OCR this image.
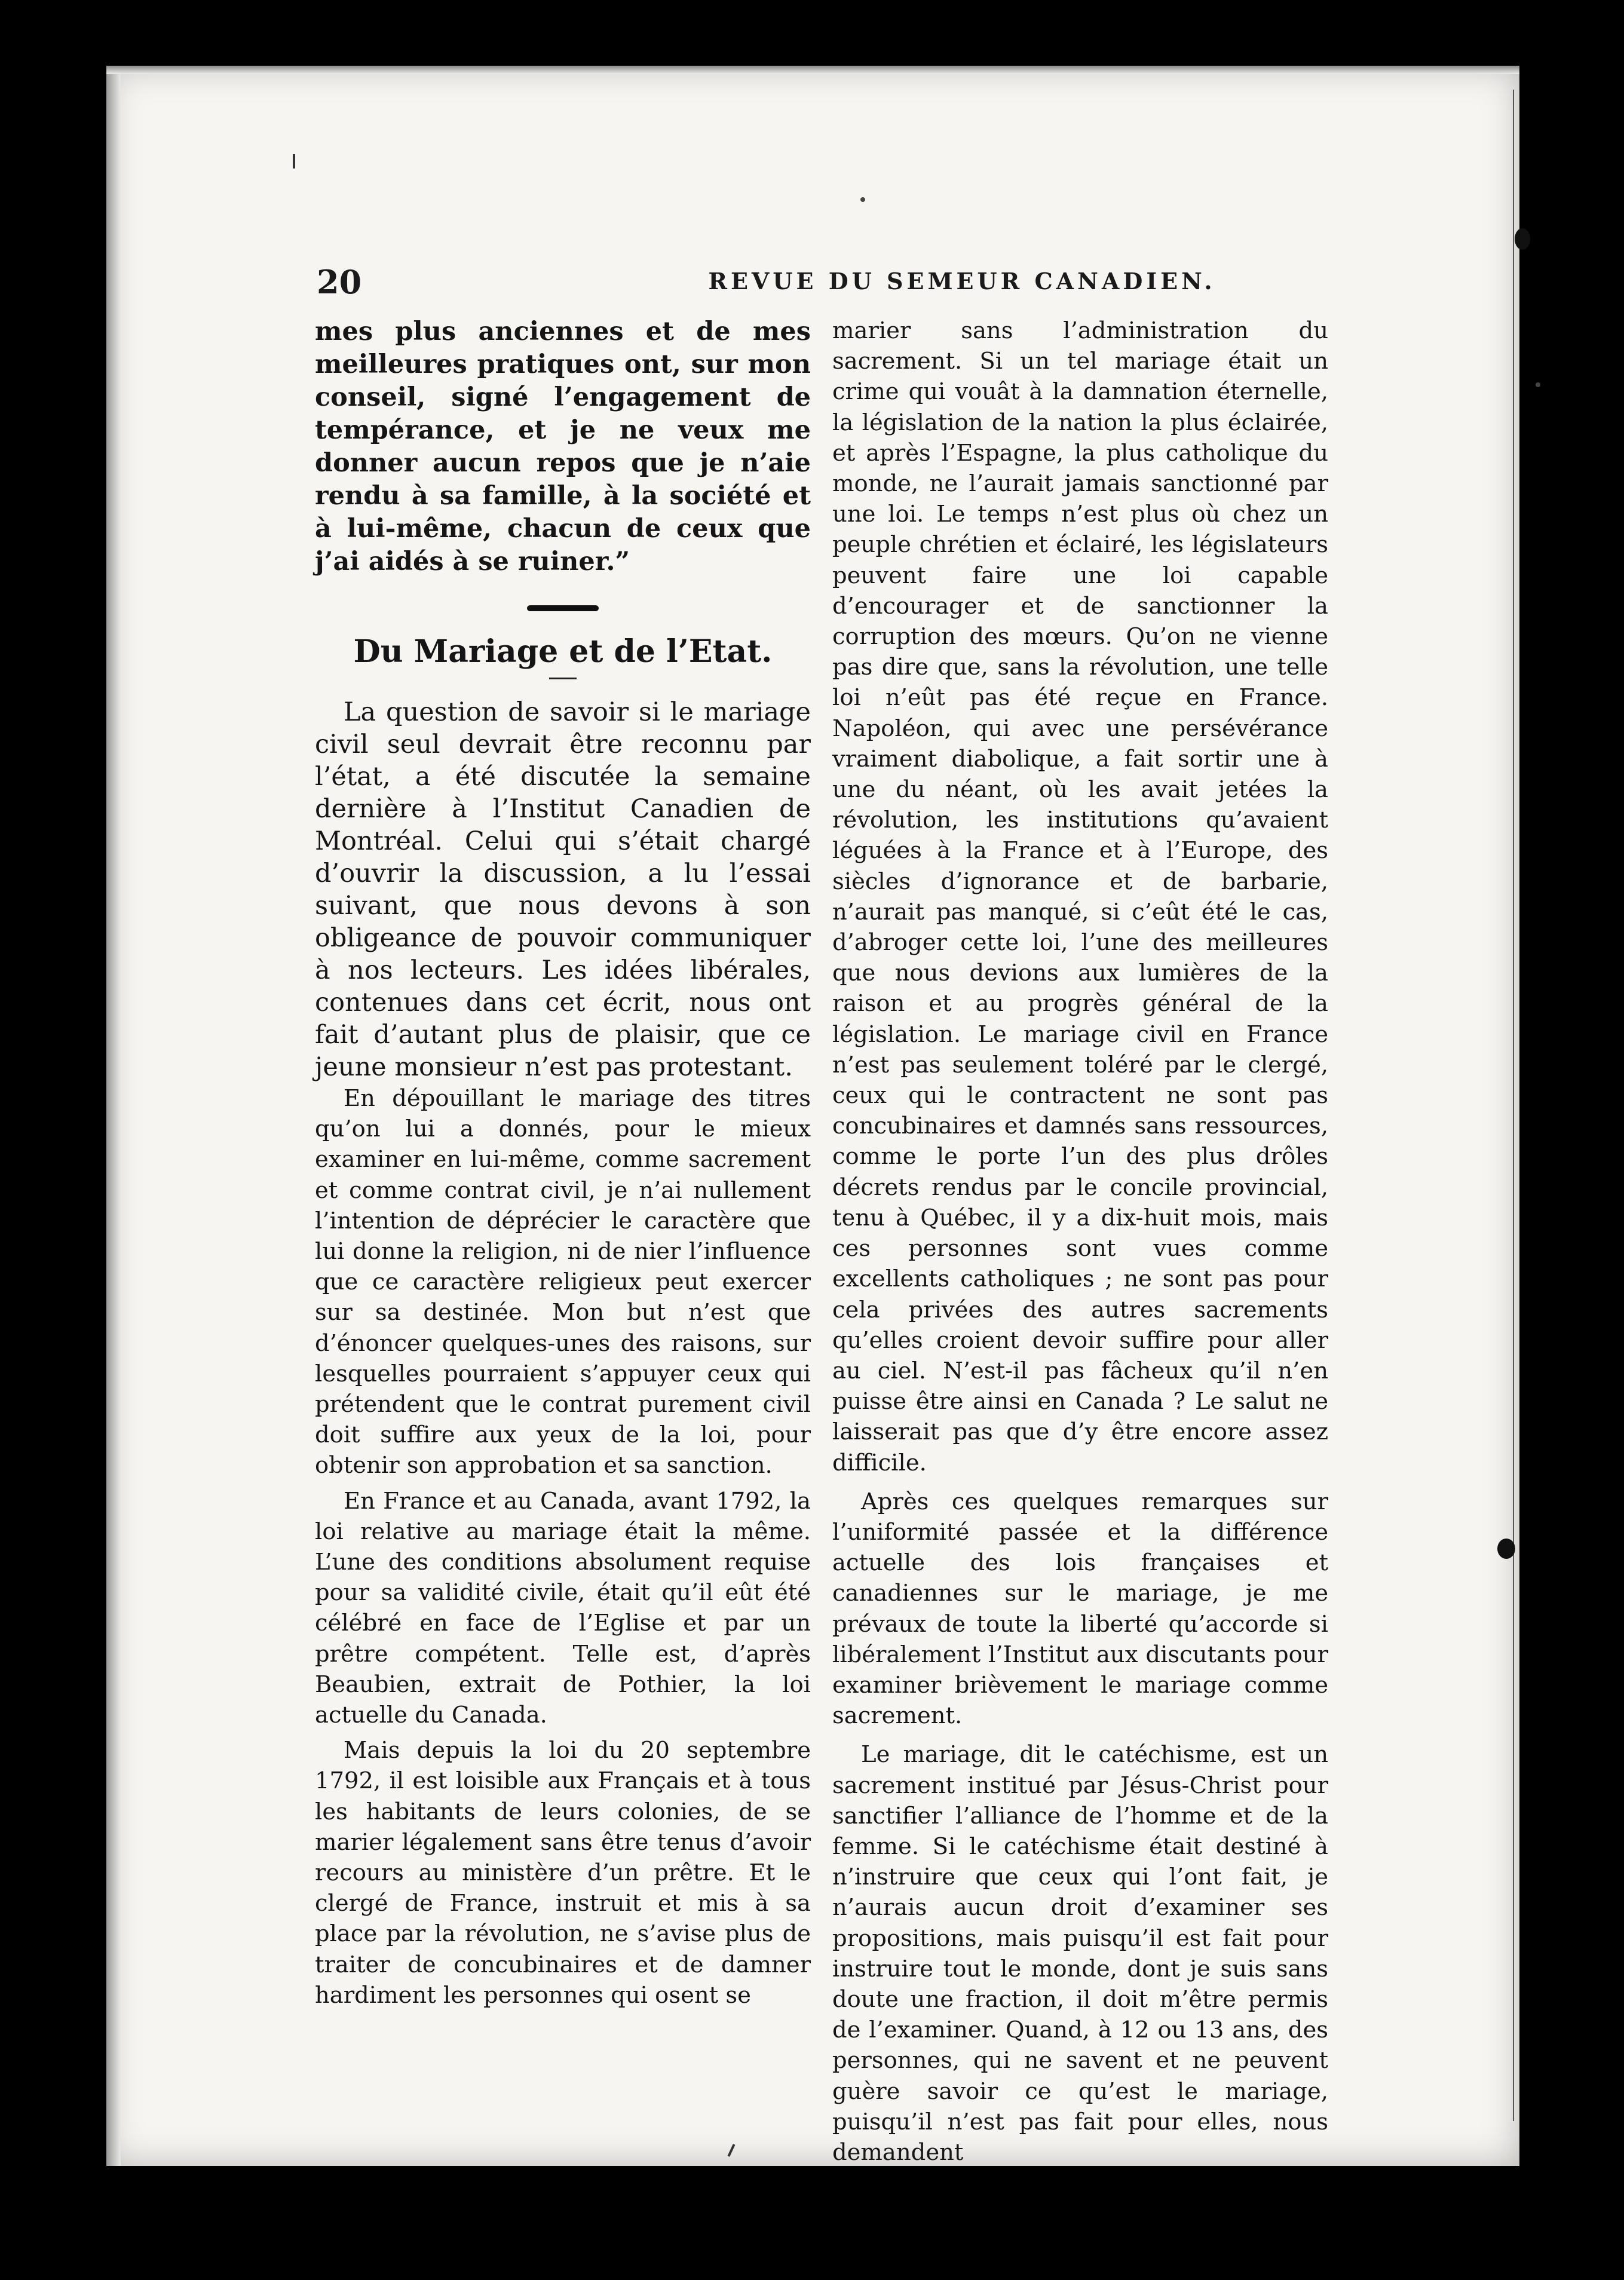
20	REVUE DU SEMEUR CANADIEN.

mes plus anciennes et de mes meilleures pratiques ont, sur mon conseil, signé l’engagement de tempérance, et je ne veux me donner aucun repos que je n’aie rendu à sa famille, à la société et à lui-même, chacun de ceux que j’ai aidés à se ruiner.”

Du Mariage et de l’Etat.

La question de savoir si le mariage civil seul devrait être reconnu par l’état, a été discutée la semaine dernière à l’Institut Canadien de Montréal. Celui qui s’était chargé d’ouvrir la discussion, a lu l’essai suivant, que nous devons à son obligeance de pouvoir communiquer à nos lecteurs. Les idées libérales, contenues dans cet écrit, nous ont fait d’autant plus de plaisir, que ce jeune monsieur n’est pas protestant.

En dépouillant le mariage des titres qu’on lui a donnés, pour le mieux examiner en lui-même, comme sacrement et comme contrat civil, je n’ai nullement l’intention de déprécier le caractère que lui donne la religion, ni de nier l’influence que ce caractère religieux peut exercer sur sa destinée. Mon but n’est que d’énoncer quelques-unes des raisons, sur lesquelles pourraient s’appuyer ceux qui prétendent que le contrat purement civil doit suffire aux yeux de la loi, pour obtenir son approbation et sa sanction.

En France et au Canada, avant 1792, la loi relative au mariage était la même. L’une des conditions absolument requise pour sa validité civile, était qu’il eût été célébré en face de l’Eglise et par un prêtre compétent. Telle est, d’après Beaubien, extrait de Pothier, la loi actuelle du Canada.

Mais depuis la loi du 20 septembre 1792, il est loisible aux Français et à tous les habitants de leurs colonies, de se marier légalement sans être tenus d’avoir recours au ministère d’un prêtre. Et le clergé de France, instruit et mis à sa place par la révolution, ne s’avise plus de traiter de concubinaires et de damner hardiment les personnes qui osent se

marier sans l’administration du sacrement. Si un tel mariage était un crime qui vouât à la damnation éternelle, la législation de la nation la plus éclairée, et après l’Espagne, la plus catholique du monde, ne l’aurait jamais sanctionné par une loi. Le temps n’est plus où chez un peuple chrétien et éclairé, les législateurs peuvent faire une loi capable d’encourager et de sanctionner la corruption des mœurs. Qu’on ne vienne pas dire que, sans la révolution, une telle loi n’eût pas été reçue en France. Napoléon, qui avec une persévérance vraiment diabolique, a fait sortir une à une du néant, où les avait jetées la révolution, les institutions qu’avaient léguées à la France et à l’Europe, des siècles d’ignorance et de barbarie, n’aurait pas manqué, si c’eût été le cas, d’abroger cette loi, l’une des meilleures que nous devions aux lumières de la raison et au progrès général de la législation. Le mariage civil en France n’est pas seulement toléré par le clergé, ceux qui le contractent ne sont pas concubinaires et damnés sans ressources, comme le porte l’un des plus drôles décrets rendus par le concile provincial, tenu à Québec, il y a dix-huit mois, mais ces personnes sont vues comme excellents catholiques ; ne sont pas pour cela privées des autres sacrements qu’elles croient devoir suffire pour aller au ciel. N’est-il pas fâcheux qu’il n’en puisse être ainsi en Canada ? Le salut ne laisserait pas que d’y être encore assez difficile.

Après ces quelques remarques sur l’uniformité passée et la différence actuelle des lois françaises et canadiennes sur le mariage, je me prévaux de toute la liberté qu’accorde si libéralement l’Institut aux discutants pour examiner brièvement le mariage comme sacrement.

Le mariage, dit le catéchisme, est un sacrement institué par Jésus-Christ pour sanctifier l’alliance de l’homme et de la femme. Si le catéchisme était destiné à n’instruire que ceux qui l’ont fait, je n’aurais aucun droit d’examiner ses propositions, mais puisqu’il est fait pour instruire tout le monde, dont je suis sans doute une fraction, il doit m’être permis de l’examiner. Quand, à 12 ou 13 ans, des personnes, qui ne savent et ne peuvent guère savoir ce qu’est le mariage, puisqu’il n’est pas fait pour elles, nous demandent
